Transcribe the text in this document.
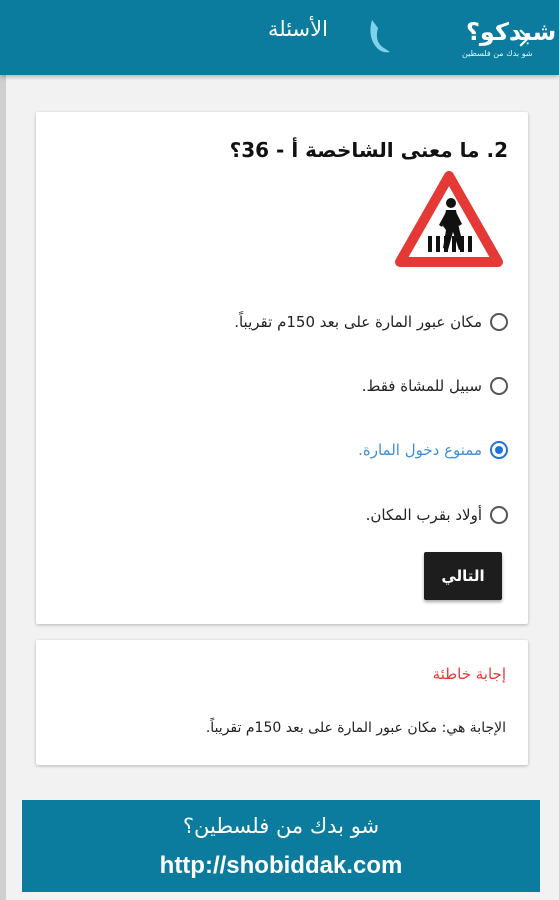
شبدكو؟
شو بدك من فلسطين
الأسئلة
2. ما معنى الشاخصة أ - 36؟
مكان عبور المارة على بعد 150م تقريباً.
سبيل للمشاة فقط.
ممنوع دخول المارة.
أولاد بقرب المكان.
التالي
إجابة خاطئة
الإجابة هي: مكان عبور المارة على بعد 150م تقريباً.
شو بدك من فلسطين؟
http://shobiddak.com
